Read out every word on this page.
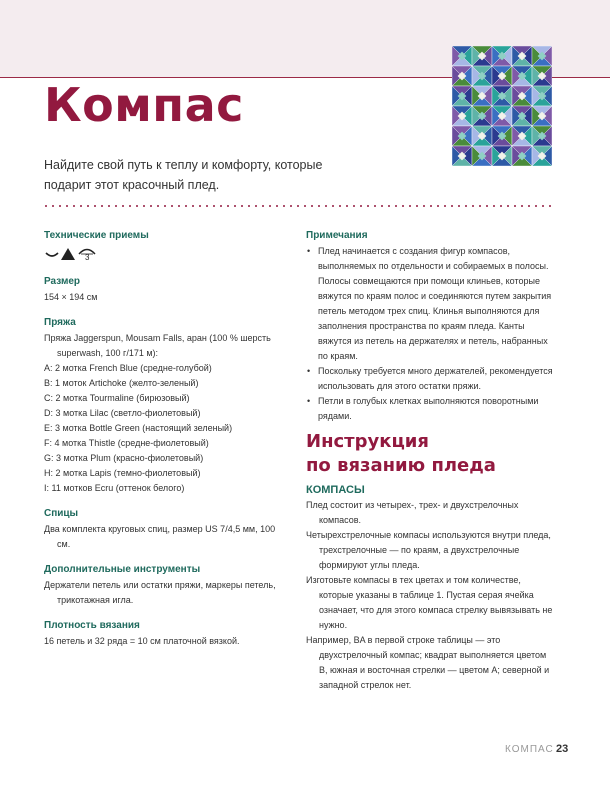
Компас

Найдите свой путь к теплу и комфорту, которые подарит этот красочный плед.

Технические приемы
3
Размер
154 × 194 см
Пряжа
Пряжа Jaggerspun, Mousam Falls, аран (100 % шерсть superwash, 100 г/171 м):
A: 2 мотка French Blue (средне-голубой)
B: 1 моток Artichoke (желто-зеленый)
C: 2 мотка Tourmaline (бирюзовый)
D: 3 мотка Lilac (светло-фиолетовый)
E: 3 мотка Bottle Green (настоящий зеленый)
F: 4 мотка Thistle (средне-фиолетовый)
G: 3 мотка Plum (красно-фиолетовый)
H: 2 мотка Lapis (темно-фиолетовый)
I: 11 мотков Ecru (оттенок белого)
Спицы
Два комплекта круговых спиц, размер US 7/4,5 мм, 100 см.
Дополнительные инструменты
Держатели петель или остатки пряжи, маркеры петель, трикотажная игла.
Плотность вязания
16 петель и 32 ряда = 10 см платочной вязкой.
Примечания
• Плед начинается с создания фигур компасов, выполняемых по отдельности и собираемых в полосы. Полосы совмещаются при помощи клиньев, которые вяжутся по краям полос и соединяются путем закрытия петель методом трех спиц. Клинья выполняются для заполнения пространства по краям пледа. Канты вяжутся из петель на держателях и петель, набранных по краям.
• Поскольку требуется много держателей, рекомендуется использовать для этого остатки пряжи.
• Петли в голубых клетках выполняются поворотными рядами.
Инструкция
по вязанию пледа
КОМПАСЫ
Плед состоит из четырех-, трех- и двухстрелочных компасов.
Четырехстрелочные компасы используются внутри пледа, трехстрелочные — по краям, а двухстрелочные формируют углы пледа.
Изготовьте компасы в тех цветах и том количестве, которые указаны в таблице 1. Пустая серая ячейка означает, что для этого компаса стрелку вывязывать не нужно.
Например, BA в первой строке таблицы — это двухстрелочный компас; квадрат выполняется цветом B, южная и восточная стрелки — цветом A; северной и западной стрелок нет.
КОМПАС 23
